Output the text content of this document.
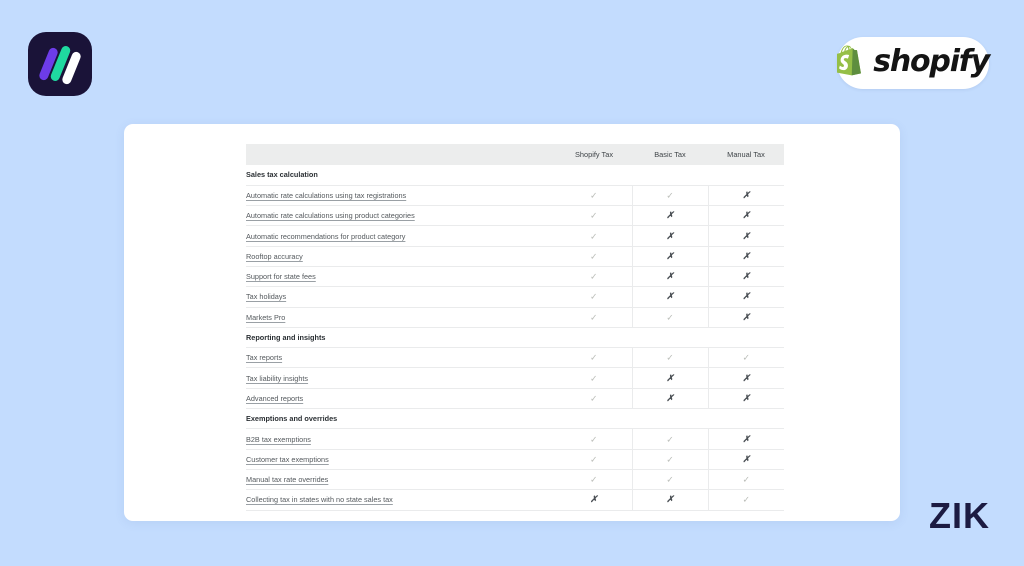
shopify
ZIK
	Shopify Tax	Basic Tax	Manual Tax
Sales tax calculation			
Automatic rate calculations using tax registrations	✓	✓	✗
Automatic rate calculations using product categories	✓	✗	✗
Automatic recommendations for product category	✓	✗	✗
Rooftop accuracy	✓	✗	✗
Support for state fees	✓	✗	✗
Tax holidays	✓	✗	✗
Markets Pro	✓	✓	✗
Reporting and insights			
Tax reports	✓	✓	✓
Tax liability insights	✓	✗	✗
Advanced reports	✓	✗	✗
Exemptions and overrides			
B2B tax exemptions	✓	✓	✗
Customer tax exemptions	✓	✓	✗
Manual tax rate overrides	✓	✓	✓
Collecting tax in states with no state sales tax	✗	✗	✓
